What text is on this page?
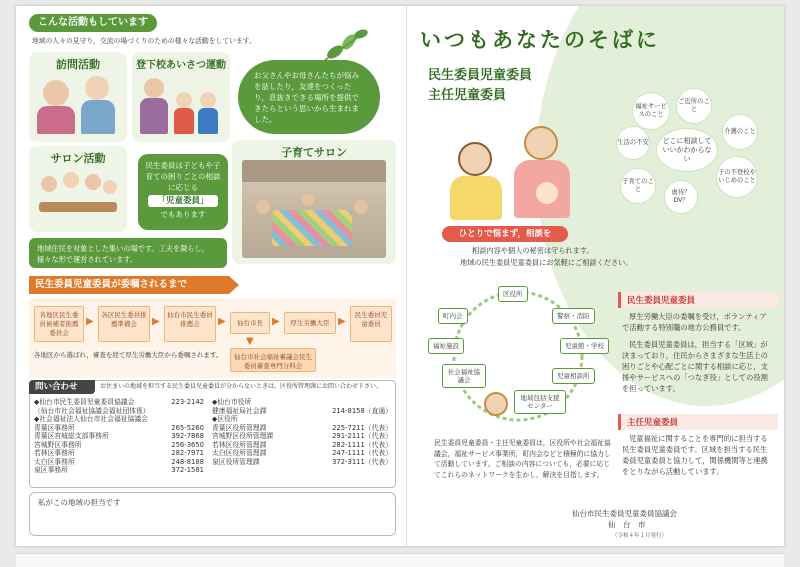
こんな活動もしています
地域の人々の見守り，交流の場づくりのための様々な活動をしています。
訪問活動	登下校あいさつ運動
お父さんやお母さんたちが悩みを話したり，友達をつくったり，息抜きできる場所を提供できたらという思いから生まれました。
サロン活動
民生委員は子どもや子育ての困りごとの相談に応じる
「児童委員」
でもあります
子育てサロン
地域住民を対象とした集いの場です。工夫を凝らし，様々な形で運営されています。
民生委員児童委員が委嘱されるまで
各地区民生委員候補者推薦委員会
▶
各区民生委員推薦準備会	▶
仙台市民生委員推薦会	▶	仙台市長 ▶	厚生労働大臣 ▶
民生委員児童委員
▼
仙台市社会福祉審議会民生委員審査専門分科会
各地区から選ばれ，審査を経て厚生労働大臣から委嘱されます。
問い合わせ	お住まいの地域を担当する民生委員児童委員が分からないときは，区役所管理課にお問い合わせ下さい。
◆仙台市民生委員児童委員協議会	223-2142
（仙台市社会福祉協議会福祉団体係）
◆社会福祉法人仙台市社会福祉協議会
青葉区事務所	265-5260
青葉区宮城総支部事務所	392-7868
宮城野区事務所	256-3650
若林区事務所	282-7971
太白区事務所	248-8188
泉区事務所	372-1581
◆仙台市役所
健康福祉局社会課	214-8158（直通）
◆区役所
青葉区役所管理課	225-7211（代表）
宮城野区役所管理課	291-2111（代表）
若林区役所管理課	282-1111（代表）
太白区役所管理課	247-1111（代表）
泉区役所管理課	372-3111（代表）
私がこの地域の担当です
いつもあなたのそばに
民生委員児童委員
主任児童委員
生活の不安
福祉サービスのこと
ご近所のこと
介護のこと
どこに相談していいかわからない
子育てのこと	虐待？DV？
子の不登校やいじめのこと
ひとりで悩まず，相談を
相談内容や個人の秘密は守られます。
地域の民生委員児童委員にお気軽にご相談ください。
区役所
町内会	警察・消防
福祉施設	児童館・学校
社会福祉協議会	児童相談所
地域包括支援センター
民生委員児童委員・主任児童委員は，区役所や社会福祉協議会，福祉サービス事業所，町内会などと積極的に協力して活動しています。ご相談の内容についても，必要に応じてこれらのネットワークを生かし，解決を目指します。
民生委員児童委員
厚生労働大臣の委嘱を受け，ボランティアで活動する特別職の地方公務員です。
民生委員児童委員は，担当する「区域」が決まっており，住民からさまざまな生活上の困りごとや心配ごとに関する相談に応じ，支援やサービスへの「つなぎ役」としての役割を担っています。
主任児童委員
児童福祉に関することを専門的に担当する民生委員児童委員です。区域を担当する民生委員児童委員と協力して，関係機関等と連携をとりながら活動しています。
仙台市民生委員児童委員協議会
仙　台　市
（令和４年１月発行）
